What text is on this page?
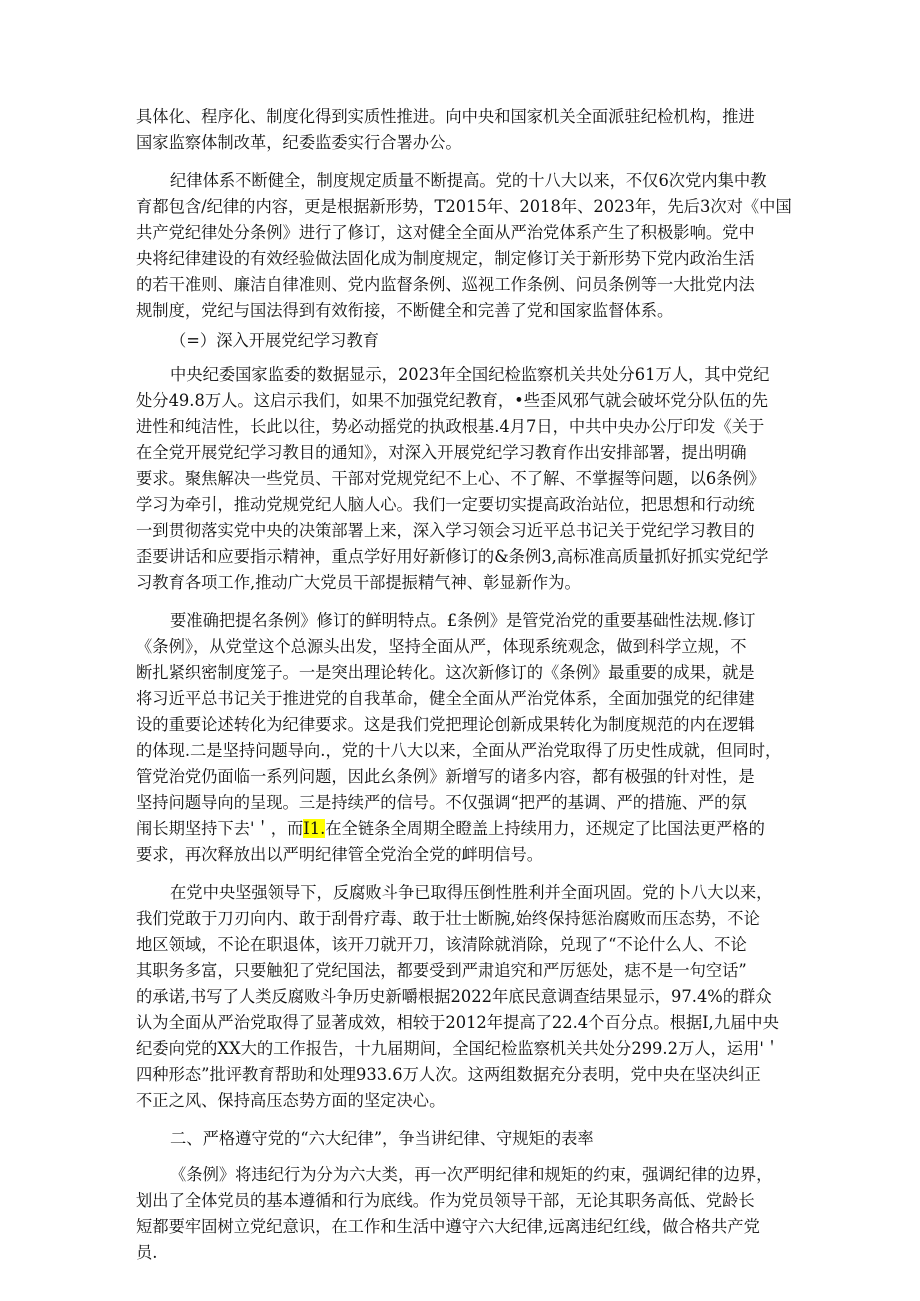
具体化、程序化、制度化得到实质性推进。向中央和国家机关全面派驻纪检机构，推进
国家监察体制改革，纪委监委实行合署办公。
纪律体系不断健全，制度规定质量不断提高。党的十八大以来，不仅6次党内集中教
育都包含/纪律的内容，更是根据新形势，T2015年、2018年、2023年，先后3次对《中国
共产党纪律处分条例》进行了修订，这对健全全面从严治党体系产生了积极影响。党中
央将纪律建设的有效经验做法固化成为制度规定，制定修订关于新形势下党内政治生活
的若干准则、廉洁自律准则、党内监督条例、巡视工作条例、问员条例等一大批党内法
规制度，党纪与国法得到有效衔接，不断健全和完善了党和国家监督体系。
（=）深入开展党纪学习教育
中央纪委国家监委的数据显示，2023年全国纪检监察机关共处分61万人，其中党纪
处分49.8万人。这启示我们，如果不加强党纪教育，•些歪风邪气就会破坏党分队伍的先
进性和纯洁性，长此以往，势必动摇党的执政根基.4月7日，中共中央办公厅印发《关于
在全党开展党纪学习教目的通知》，对深入开展党纪学习教育作出安排部署，提出明确
要求。聚焦解决一些党员、干部对党规党纪不上心、不了解、不掌握等问题，以6条例》
学习为牵引，推动党规党纪人脑人心。我们一定要切实提高政治站位，把思想和行动统
一到贯彻落实党中央的决策部署上来，深入学习领会习近平总书记关于党纪学习教目的
歪要讲话和应要指示精神，重点学好用好新修订的&条例3,高标准高质量抓好抓实党纪学
习教育各项工作,推动广大党员干部提振精气神、彰显新作为。
要准确把提名条例》修订的鲜明特点。£条例》是管党治党的重要基础性法规.修订
《条例》，从党堂这个总源头出发，坚持全面从严，体现系统观念，做到科学立规，不
断扎紧织密制度笼子。一是突出理论转化。这次新修订的《条例》最重要的成果，就是
将习近平总书记关于推进党的自我革命，健全全面从严治党体系，全面加强党的纪律建
设的重要论述转化为纪律要求。这是我们党把理论创新成果转化为制度规范的内在逻辑
的体现.二是坚持问题导向.，党的十八大以来，全面从严治党取得了历史性成就，但同时，
管党治党仍面临一系列问题，因此幺条例》新增写的诸多内容，都有极强的针对性，是
坚持问题导向的呈现。三是持续严的信号。不仅强调“把严的基调、严的措施、严的氛
闱长期坚持下去'＇，而I1.在全链条全周期全瞪盖上持续用力，还规定了比国法更严格的
要求，再次释放出以严明纪律管全党治全党的衅明信号。
在党中央坚强领导下，反腐败斗争已取得压倒性胜利并全面巩固。党的卜八大以来，
我们党敢于刀刃向内、敢于刮骨疗毒、敢于壮士断腕,始终保持惩治腐败而压态势，不论
地区领域，不论在职退体，该开刀就开刀，该清除就消除，兑现了“不论什么人、不论
其职务多富，只要触犯了党纪国法，都要受到严肃追究和严厉惩处，痣不是一句空话”
的承诺,书写了人类反腐败斗争历史新嚼根据2022年底民意调查结果显示，97.4%的群众
认为全面从严治党取得了显著成效，相较于2012年提高了22.4个百分点。根据I,九届中央
纪委向党的XX大的工作报告，十九届期间，全国纪检监察机关共处分299.2万人，运用'＇
四种形态”批评教育帮助和处理933.6万人次。这两组数据充分表明，党中央在坚决纠正
不正之风、保持高压态势方面的坚定决心。
二、严格遵守党的“六大纪律”，争当讲纪律、守规矩的表率
《条例》将违纪行为分为六大类，再一次严明纪律和规矩的约束，强调纪律的边界，
划出了全体党员的基本遵循和行为底线。作为党员领导干部，无论其职务高低、党龄长
短都要牢固树立党纪意识，在工作和生活中遵守六大纪律,远离违纪红线，做合格共产党
员.
